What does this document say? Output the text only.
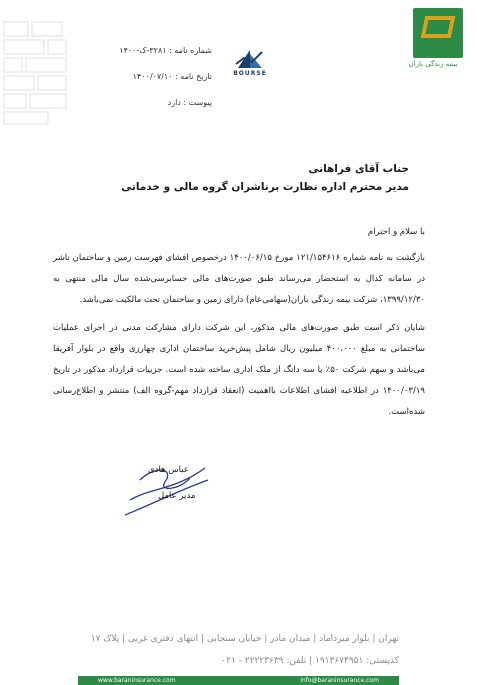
بیمه زندگی باران
BOURSE
شماره نامه : ۳۲۸۱-ک-۱۴۰۰
تاریخ نامه : ۱۴۰۰/۰۷/۱۰
پیوست : دارد
جناب آقای فراهانی
مدیر محترم اداره نظارت برناشران گروه مالی و خدماتی
با سلام و احترام
بازگشت به نامه شماره ۱۲۱/۱۵۴۶۱۶ مورخ ۱۴۰۰/۰۶/۱۵ درخصوص افشای فهرست زمین و ساختمان ناشر در سامانه کدال به استحضار می‌رساند طبق صورت‌های مالی حسابرسی‌شده سال مالی منتهی به ۱۳۹۹/۱۲/۳۰، شرکت بیمه زندگی باران(سهامی‌عام) دارای زمین و ساختمان تحت مالکیت نمی‌باشد.
شایان ذکر است طبق صورت‌های مالی مذکور، این شرکت دارای مشارکت مدنی در اجرای عملیات ساختمانی به مبلغ ۴۰۰،۰۰۰ میلیون ریال شامل پیش‌خرید ساختمان اداری چهارزی واقع در بلوار آفریقا می‌باشد و سهم شرکت ۵۰٪ یا سه دانگ از ملک اداری ساخته شده است. جزییات قرارداد مذکور در تاریخ ۱۴۰۰/۰۳/۱۹ در اطلاعیه افشای اطلاعات بااهمیت (انعقاد قرارداد مهم-گروه الف) منتشر و اطلاع‌رسانی شده‌است.
عباس هادی
مدیر عامل
تهران | بلوار میرداماد | میدان مادر | خیابان سنجابی | انتهای دفتری غربی | پلاک ۱۷
کدپستی: ۱۹۱۳۶۷۴۹۵۱ | تلفن: ۲۲۲۲۳۶۳۹ - ۰۲۱
www.baraninsurance.com	info@baraninsurance.com
